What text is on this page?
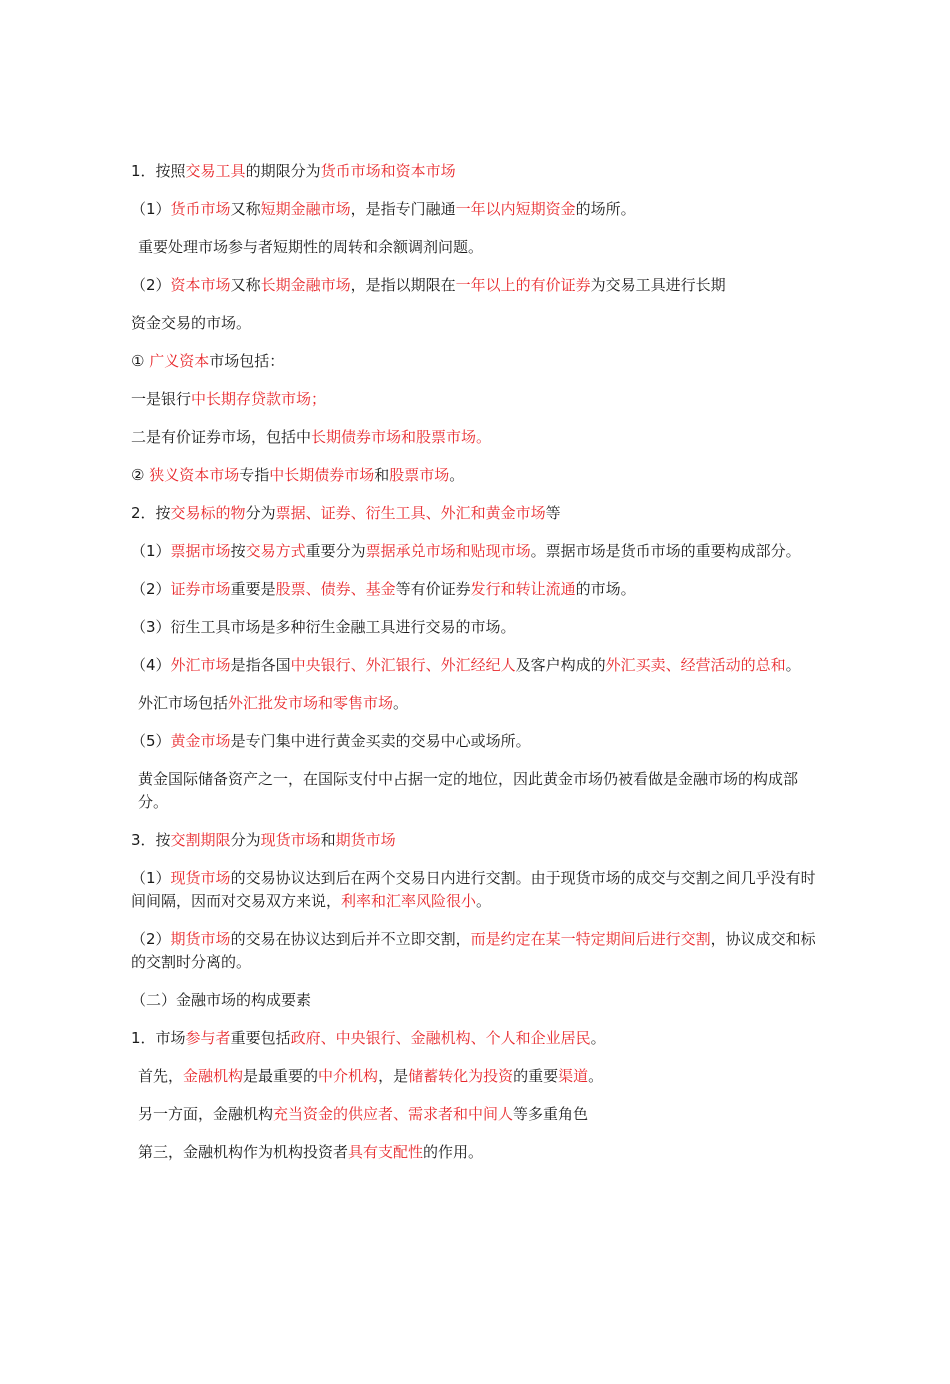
1．按照交易工具的期限分为货币市场和资本市场

（1）货币市场又称短期金融市场，是指专门融通一年以内短期资金的场所。

重要处理市场参与者短期性的周转和余额调剂问题。

（2）资本市场又称长期金融市场，是指以期限在一年以上的有价证券为交易工具进行长期

资金交易的市场。

① 广义资本市场包括：

一是银行中长期存贷款市场；

二是有价证券市场，包括中长期债券市场和股票市场。

② 狭义资本市场专指中长期债券市场和股票市场。

2．按交易标的物分为票据、证券、衍生工具、外汇和黄金市场等

（1）票据市场按交易方式重要分为票据承兑市场和贴现市场。票据市场是货币市场的重要构成部分。

（2）证券市场重要是股票、债券、基金等有价证券发行和转让流通的市场。

（3）衍生工具市场是多种衍生金融工具进行交易的市场。

（4）外汇市场是指各国中央银行、外汇银行、外汇经纪人及客户构成的外汇买卖、经营活动的总和。

外汇市场包括外汇批发市场和零售市场。

（5）黄金市场是专门集中进行黄金买卖的交易中心或场所。

黄金国际储备资产之一，在国际支付中占据一定的地位，因此黄金市场仍被看做是金融市场的构成部分。

3．按交割期限分为现货市场和期货市场

（1）现货市场的交易协议达到后在两个交易日内进行交割。由于现货市场的成交与交割之间几乎没有时间间隔，因而对交易双方来说，利率和汇率风险很小。

（2）期货市场的交易在协议达到后并不立即交割，而是约定在某一特定期间后进行交割，协议成交和标的交割时分离的。

（二）金融市场的构成要素

1．市场参与者重要包括政府、中央银行、金融机构、个人和企业居民。

首先，金融机构是最重要的中介机构，是储蓄转化为投资的重要渠道。

另一方面，金融机构充当资金的供应者、需求者和中间人等多重角色

第三，金融机构作为机构投资者具有支配性的作用。
